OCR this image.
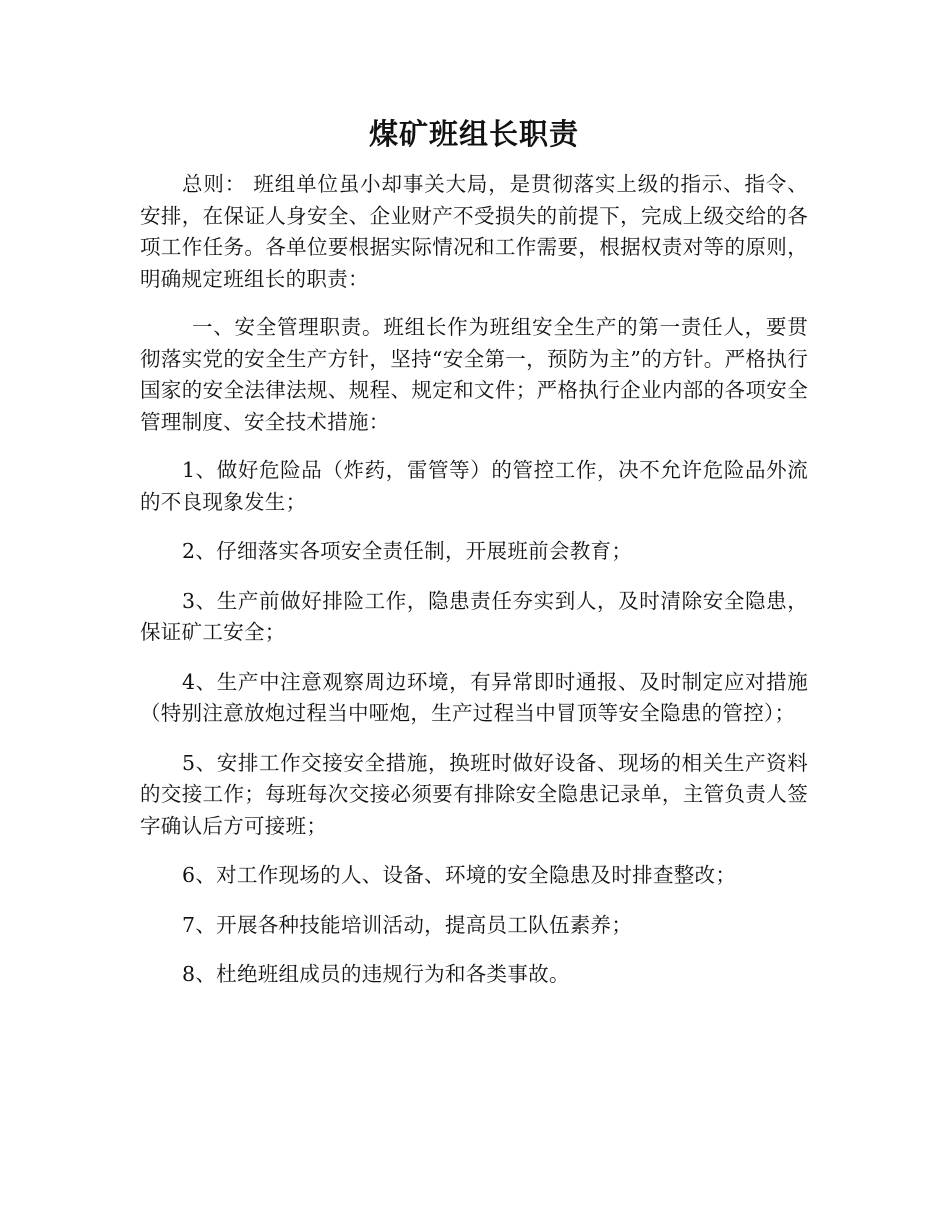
煤矿班组长职责

总则： 班组单位虽小却事关大局，是贯彻落实上级的指示、指令、安排，在保证人身安全、企业财产不受损失的前提下，完成上级交给的各项工作任务。各单位要根据实际情况和工作需要，根据权责对等的原则，明确规定班组长的职责：

一、安全管理职责。班组长作为班组安全生产的第一责任人，要贯彻落实党的安全生产方针，坚持“安全第一，预防为主”的方针。严格执行国家的安全法律法规、规程、规定和文件；严格执行企业内部的各项安全管理制度、安全技术措施：

1、做好危险品（炸药，雷管等）的管控工作，决不允许危险品外流的不良现象发生；

2、仔细落实各项安全责任制，开展班前会教育；

3、生产前做好排险工作，隐患责任夯实到人，及时清除安全隐患，保证矿工安全；

4、生产中注意观察周边环境，有异常即时通报、及时制定应对措施（特别注意放炮过程当中哑炮，生产过程当中冒顶等安全隐患的管控）；

5、安排工作交接安全措施，换班时做好设备、现场的相关生产资料的交接工作；每班每次交接必须要有排除安全隐患记录单，主管负责人签字确认后方可接班；

6、对工作现场的人、设备、环境的安全隐患及时排查整改；

7、开展各种技能培训活动，提高员工队伍素养；

8、杜绝班组成员的违规行为和各类事故。
